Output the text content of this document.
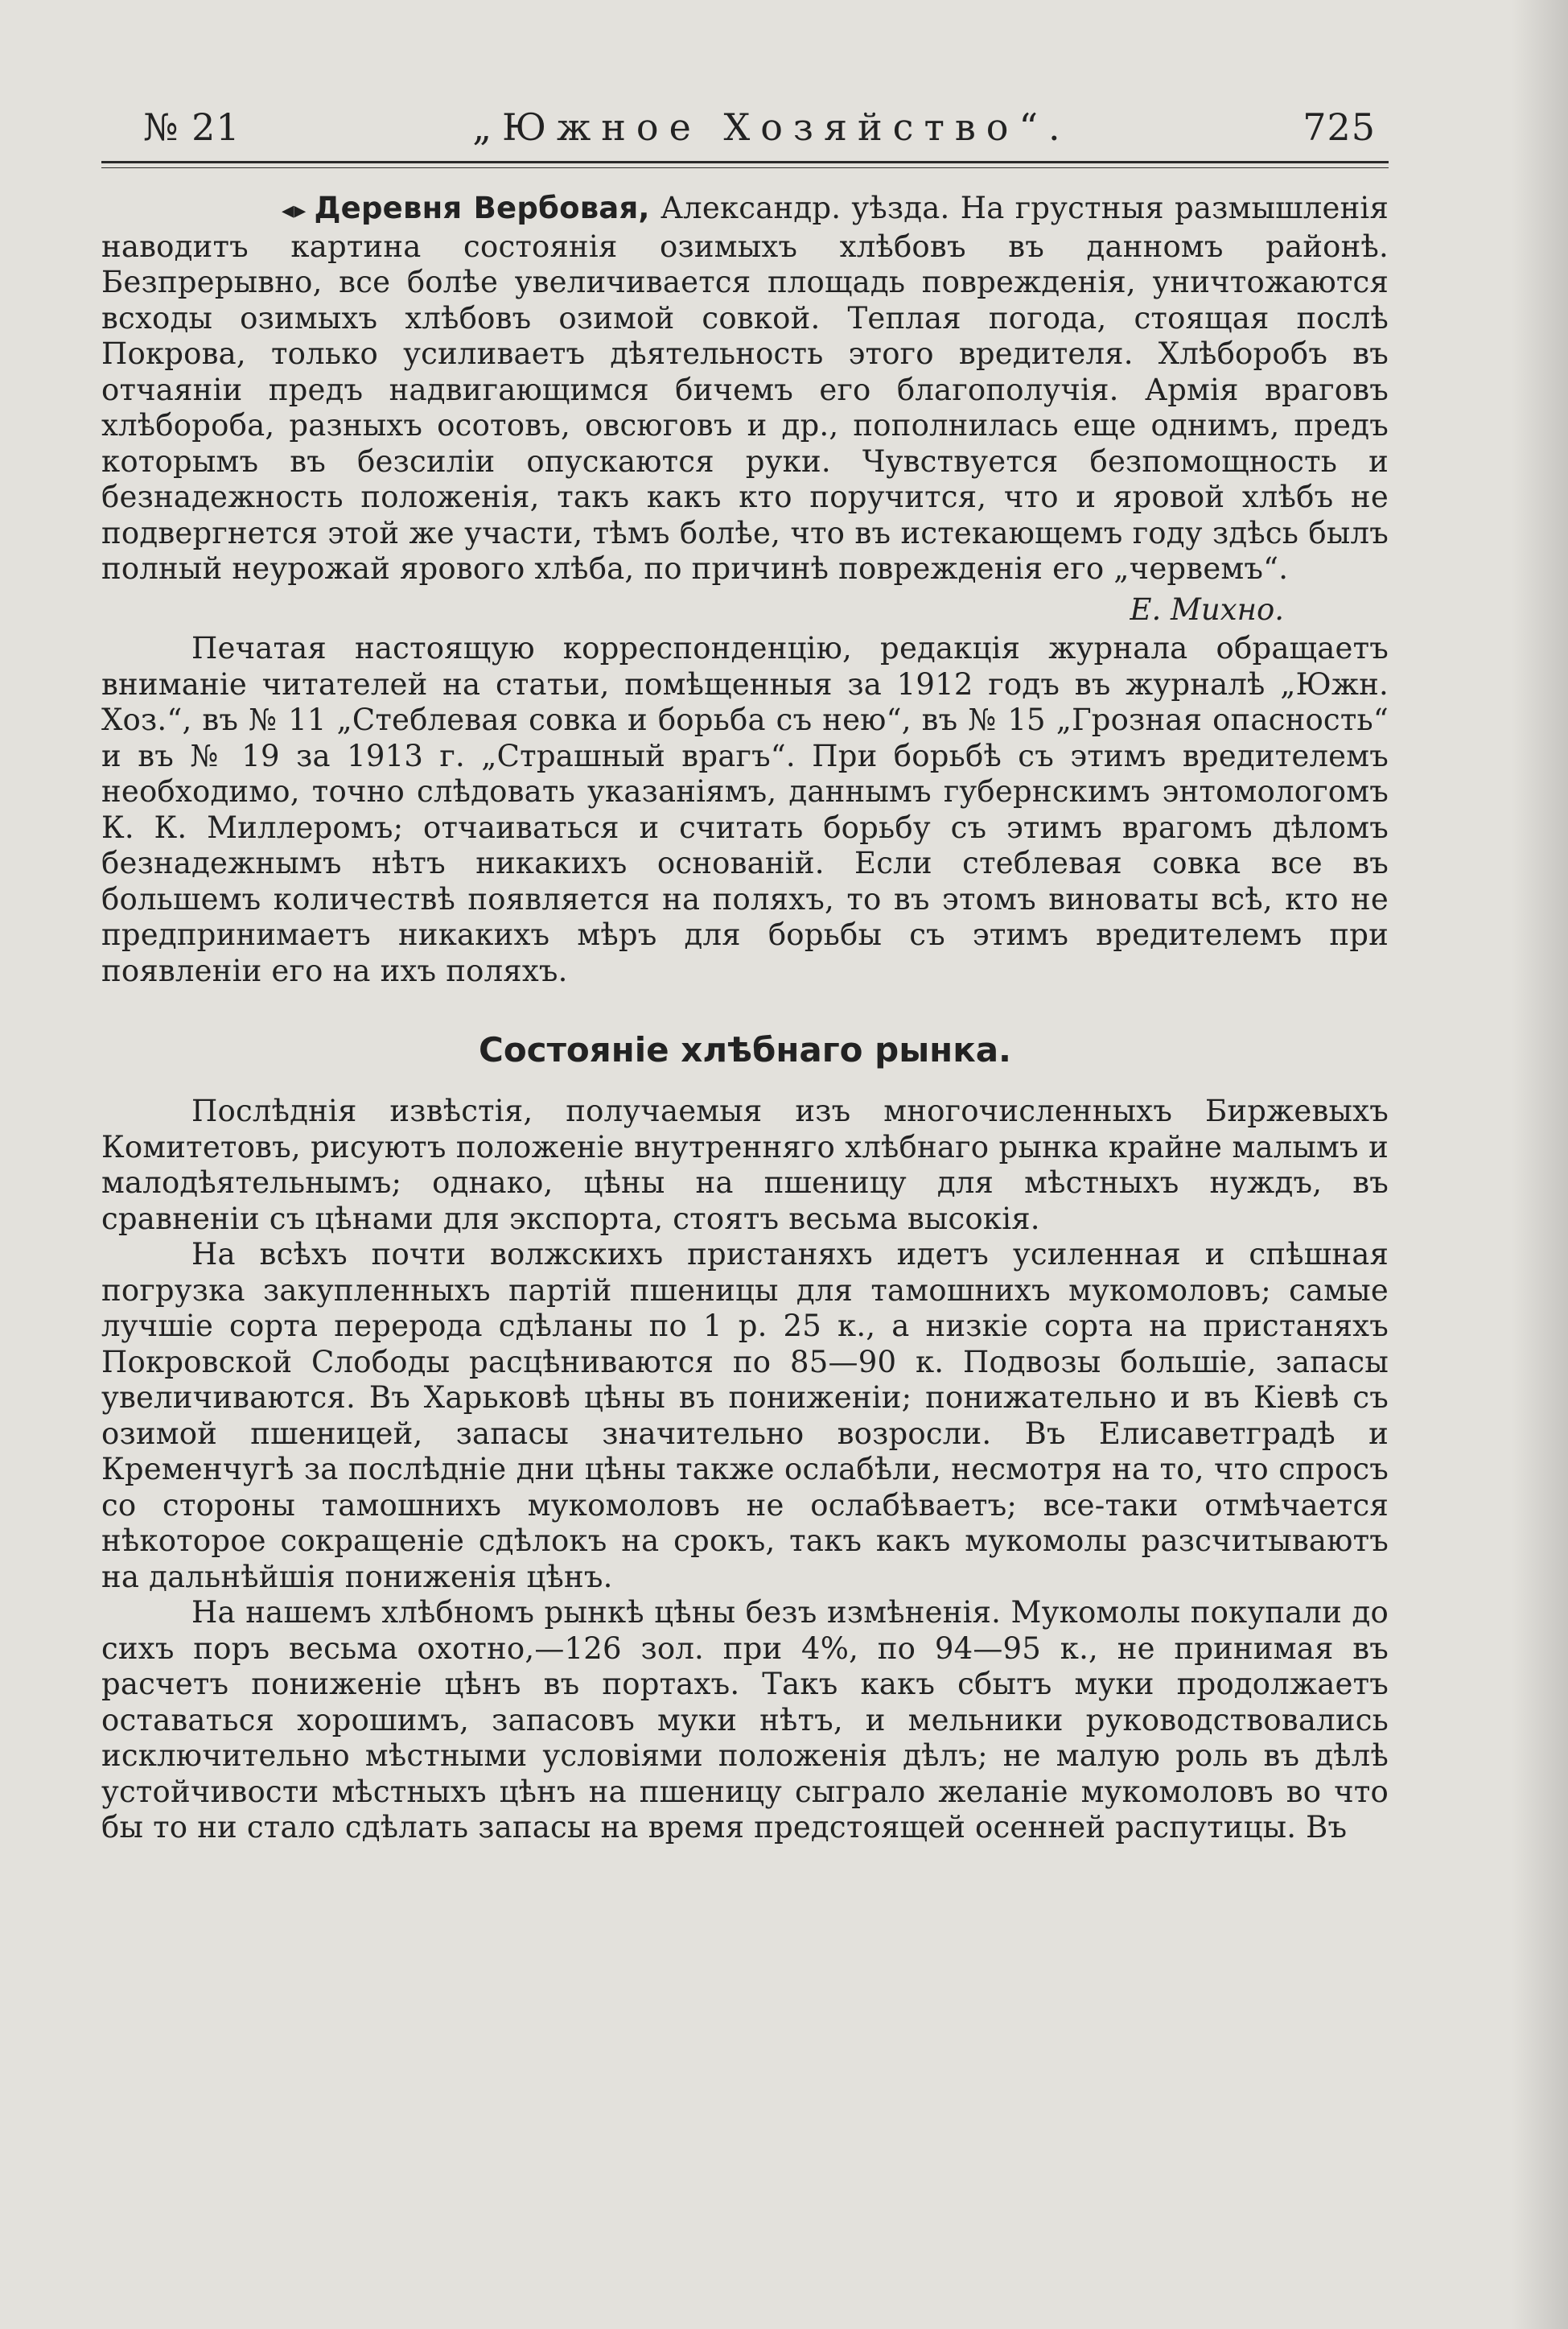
№ 21	„Южное Хозяйство“.	725

◂▸ Деревня Вербовая, Александр. уѣзда. На грустныя размышленія наводитъ картина состоянія озимыхъ хлѣбовъ въ данномъ районѣ. Безпрерывно, все болѣе увеличивается площадь поврежденія, уничтожаются всходы озимыхъ хлѣбовъ озимой совкой. Теплая погода, стоящая послѣ Покрова, только усиливаетъ дѣятельность этого вредителя. Хлѣборобъ въ отчаяніи предъ надвигающимся бичемъ его благополучія. Армія враговъ хлѣбороба, разныхъ осотовъ, овсюговъ и др., пополнилась еще однимъ, предъ которымъ въ безсиліи опускаются руки. Чувствуется безпомощность и безнадежность положенія, такъ какъ кто поручится, что и яровой хлѣбъ не подвергнется этой же участи, тѣмъ болѣе, что въ истекающемъ году здѣсь былъ полный неурожай ярового хлѣба, по причинѣ поврежденія его „червемъ“.

Е. Михно.

Печатая настоящую корреспонденцію, редакція журнала обращаетъ вниманіе читателей на статьи, помѣщенныя за 1912 годъ въ журналѣ „Южн. Хоз.“, въ № 11 „Стеблевая совка и борьба съ нею“, въ № 15 „Грозная опасность“ и въ № 19 за 1913 г. „Страшный врагъ“. При борьбѣ съ этимъ вредителемъ необходимо, точно слѣдовать указаніямъ, даннымъ губернскимъ энтомологомъ К. К. Миллеромъ; отчаиваться и считать борьбу съ этимъ врагомъ дѣломъ безнадежнымъ нѣтъ никакихъ основаній. Если стеблевая совка все въ большемъ количествѣ появляется на поляхъ, то въ этомъ виноваты всѣ, кто не предпринимаетъ никакихъ мѣръ для борьбы съ этимъ вредителемъ при появленіи его на ихъ поляхъ.

Состояніе хлѣбнаго рынка.

Послѣднія извѣстія, получаемыя изъ многочисленныхъ Биржевыхъ Комитетовъ, рисуютъ положеніе внутренняго хлѣбнаго рынка крайне малымъ и малодѣятельнымъ; однако, цѣны на пшеницу для мѣстныхъ нуждъ, въ сравненіи съ цѣнами для экспорта, стоятъ весьма высокія.

На всѣхъ почти волжскихъ пристаняхъ идетъ усиленная и спѣшная погрузка закупленныхъ партій пшеницы для тамошнихъ мукомоловъ; самые лучшіе сорта перерода сдѣланы по 1 р. 25 к., а низкіе сорта на пристаняхъ Покровской Слободы расцѣниваются по 85—90 к. Подвозы большіе, запасы увеличиваются. Въ Харьковѣ цѣны въ пониженіи; понижательно и въ Кіевѣ съ озимой пшеницей, запасы значительно возросли. Въ Елисаветградѣ и Кременчугѣ за послѣдніе дни цѣны также ослабѣли, несмотря на то, что спросъ со стороны тамошнихъ мукомоловъ не ослабѣваетъ; все-таки отмѣчается нѣкоторое сокращеніе сдѣлокъ на срокъ, такъ какъ мукомолы разсчитываютъ на дальнѣйшія пониженія цѣнъ.

На нашемъ хлѣбномъ рынкѣ цѣны безъ измѣненія. Мукомолы покупали до сихъ поръ весьма охотно,—126 зол. при 4%, по 94—95 к., не принимая въ расчетъ пониженіе цѣнъ въ портахъ. Такъ какъ сбытъ муки продолжаетъ оставаться хорошимъ, запасовъ муки нѣтъ, и мельники руководствовались исключительно мѣстными условіями положенія дѣлъ; не малую роль въ дѣлѣ устойчивости мѣстныхъ цѣнъ на пшеницу сыграло желаніе мукомоловъ во что бы то ни стало сдѣлать запасы на время предстоящей осенней распутицы. Въ
